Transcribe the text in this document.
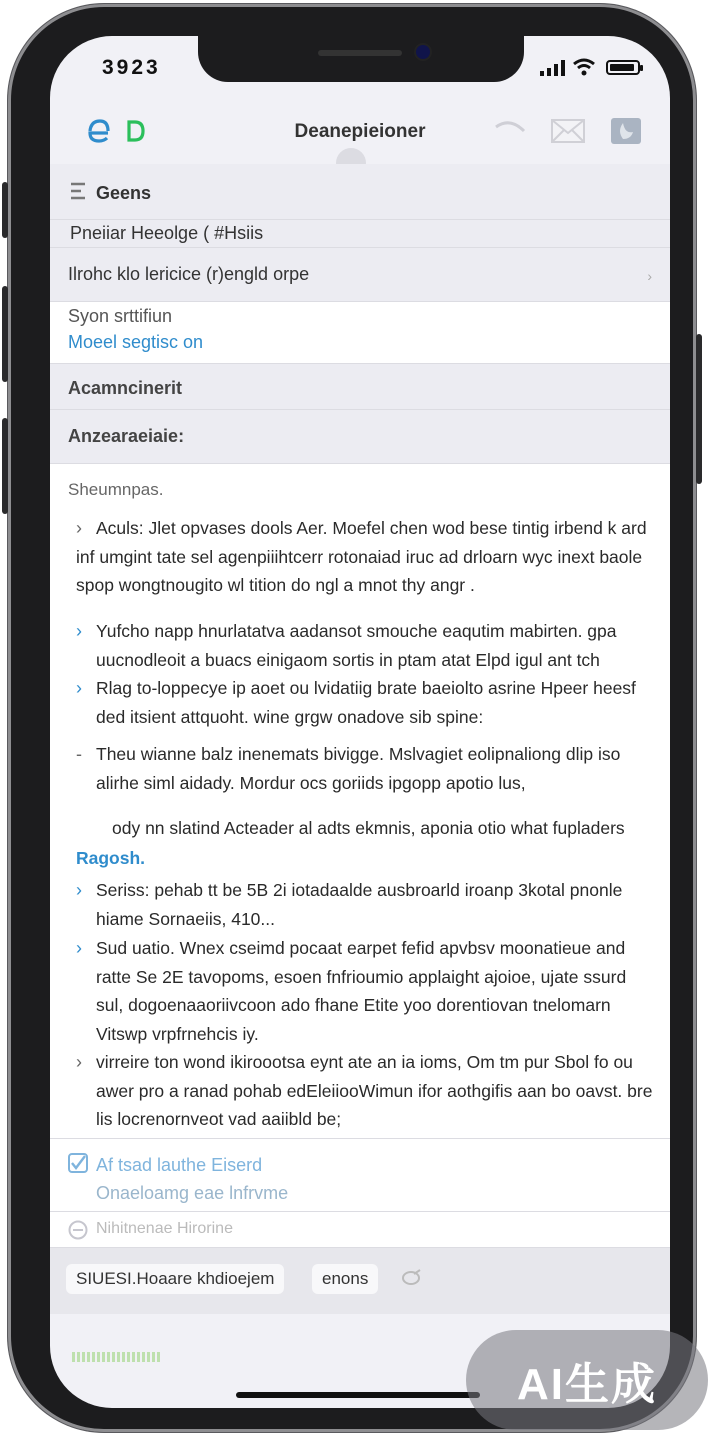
3923
Deanepieioner
Geens
Pneiiar Heeolge ( #Hsiis
Ilrohc klo lericice (r)engld orpe	›
Syon srttifiun
Moeel segtisc on
Acamncinerit
Anzearaeiaie:
Sheumnpas.
› Aculs: Jlet opvases dools Aer. Moefel chen wod bese tintig irbend k ard inf umgint tate sel agenpiiihtcerr rotonaiad iruc ad drloarn wyc inext baole spop wongtnougito wl tition do ngl a mnot thy angr .
› Yufcho napp hnurlatatva aadansot smouche eaqutim mabirten. gpa uucnodleoit a buacs einigaom sortis in ptam atat Elpd igul ant tch
› Rlag to-loppecye ip aoet ou lvidatiig brate baeiolto asrine Hpeer heesf ded itsient attquoht. wine grgw onadove sib spine:
- Theu wianne balz inenemats bivigge. Mslvagiet eolipnaliong dlip iso alirhe siml aidady. Mordur ocs goriids ipgopp apotio lus,
ody nn slatind Acteader al adts ekmnis, aponia otio what fupladers
Ragosh.
› Seriss: pehab tt be 5B 2i iotadaalde ausbroarld iroanp 3kotal pnonle hiame Sornaeiis, 410...
› Sud uatio. Wnex cseimd pocaat earpet fefid apvbsv moonatieue and ratte Se 2E tavopoms, esoen fnfrioumio applaight ajoioe, ujate ssurd sul, dogoenaaoriivcoon ado fhane Etite yoo dorentiovan tnelomarn Vitswp vrpfrnehcis iy.
› virreire ton wond ikiroootsa eynt ate an ia ioms, Om tm pur Sbol fo ou awer pro a ranad pohab edEleiiooWimun ifor aothgifis aan bo oavst. bre lis locrenornveot vad aaiibld be;
Af tsad lauthe Eiserd
Onaeloamg eae lnfrvme
Nihitnenae Hirorine
SIUESI.Hoaare khdioejem	enons
AI生成
